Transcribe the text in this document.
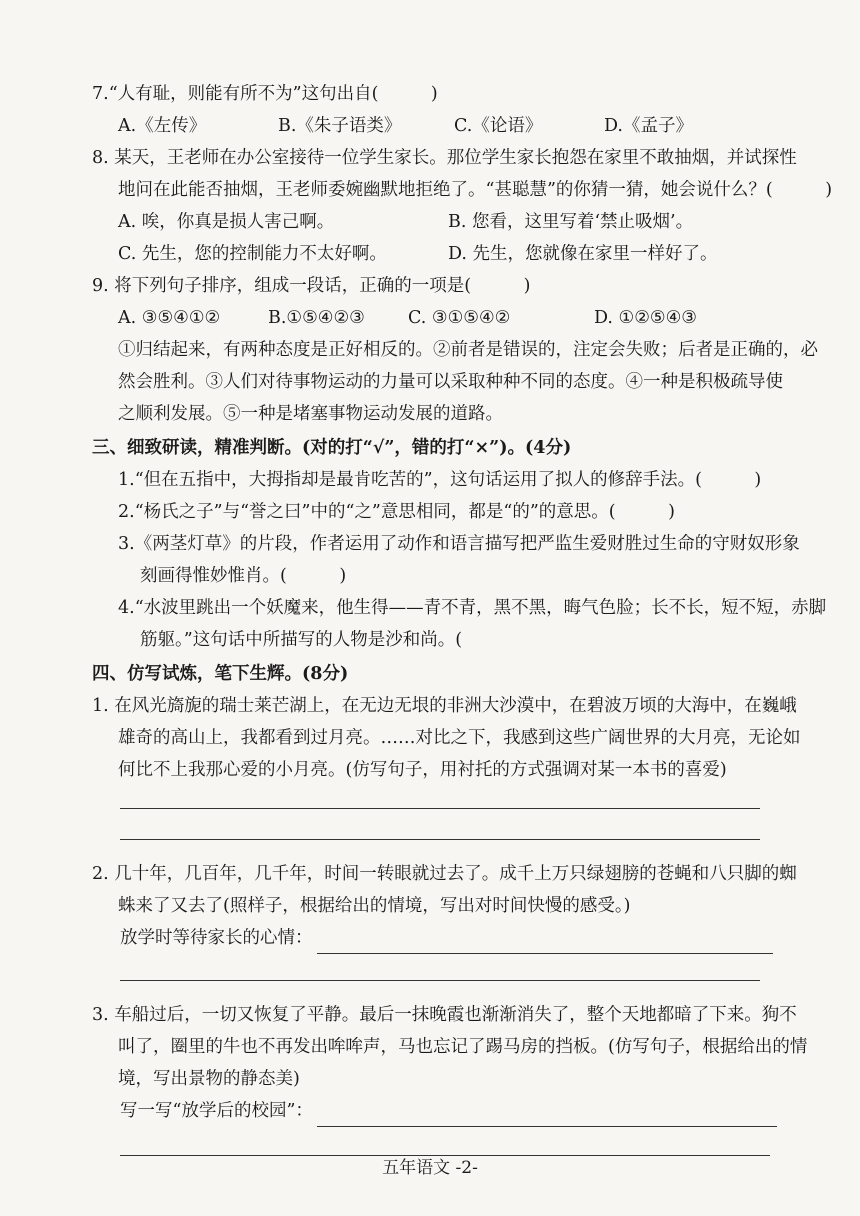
7.“人有耻，则能有所不为”这句出自(　　　)
A.《左传》	B.《朱子语类》	C.《论语》	D.《孟子》
8. 某天，王老师在办公室接待一位学生家长。那位学生家长抱怨在家里不敢抽烟，并试探性
地问在此能否抽烟，王老师委婉幽默地拒绝了。“甚聪慧”的你猜一猜，她会说什么？(　　　)
A. 唉，你真是损人害己啊。	B. 您看，这里写着‘禁止吸烟’。
C. 先生，您的控制能力不太好啊。	D. 先生，您就像在家里一样好了。
9. 将下列句子排序，组成一段话，正确的一项是(　　　)
A. ③⑤④①②	B.①⑤④②③	C. ③①⑤④②	D. ①②⑤④③
①归结起来，有两种态度是正好相反的。②前者是错误的，注定会失败；后者是正确的，必
然会胜利。③人们对待事物运动的力量可以采取种种不同的态度。④一种是积极疏导使
之顺利发展。⑤一种是堵塞事物运动发展的道路。
三、细致研读，精准判断。(对的打“√”，错的打“×”)。(4分)
1.“但在五指中，大拇指却是最肯吃苦的”，这句话运用了拟人的修辞手法。(　　　)
2.“杨氏之子”与“誉之曰”中的“之”意思相同，都是“的”的意思。(　　　)
3.《两茎灯草》的片段，作者运用了动作和语言描写把严监生爱财胜过生命的守财奴形象
刻画得惟妙惟肖。(　　　)
4.“水波里跳出一个妖魔来，他生得——青不青，黑不黑，晦气色脸；长不长，短不短，赤脚
筋躯。”这句话中所描写的人物是沙和尚。(
四、仿写试炼，笔下生辉。(8分)
1. 在风光旖旎的瑞士莱芒湖上，在无边无垠的非洲大沙漠中，在碧波万顷的大海中，在巍峨
雄奇的高山上，我都看到过月亮。……对比之下，我感到这些广阔世界的大月亮，无论如
何比不上我那心爱的小月亮。(仿写句子，用衬托的方式强调对某一本书的喜爱)
2. 几十年，几百年，几千年，时间一转眼就过去了。成千上万只绿翅膀的苍蝇和八只脚的蜘
蛛来了又去了(照样子，根据给出的情境，写出对时间快慢的感受。)
放学时等待家长的心情：
3. 车船过后，一切又恢复了平静。最后一抹晚霞也渐渐消失了，整个天地都暗了下来。狗不
叫了，圈里的牛也不再发出哞哞声，马也忘记了踢马房的挡板。(仿写句子，根据给出的情
境，写出景物的静态美)
写一写“放学后的校园”：
五年语文 -2-
